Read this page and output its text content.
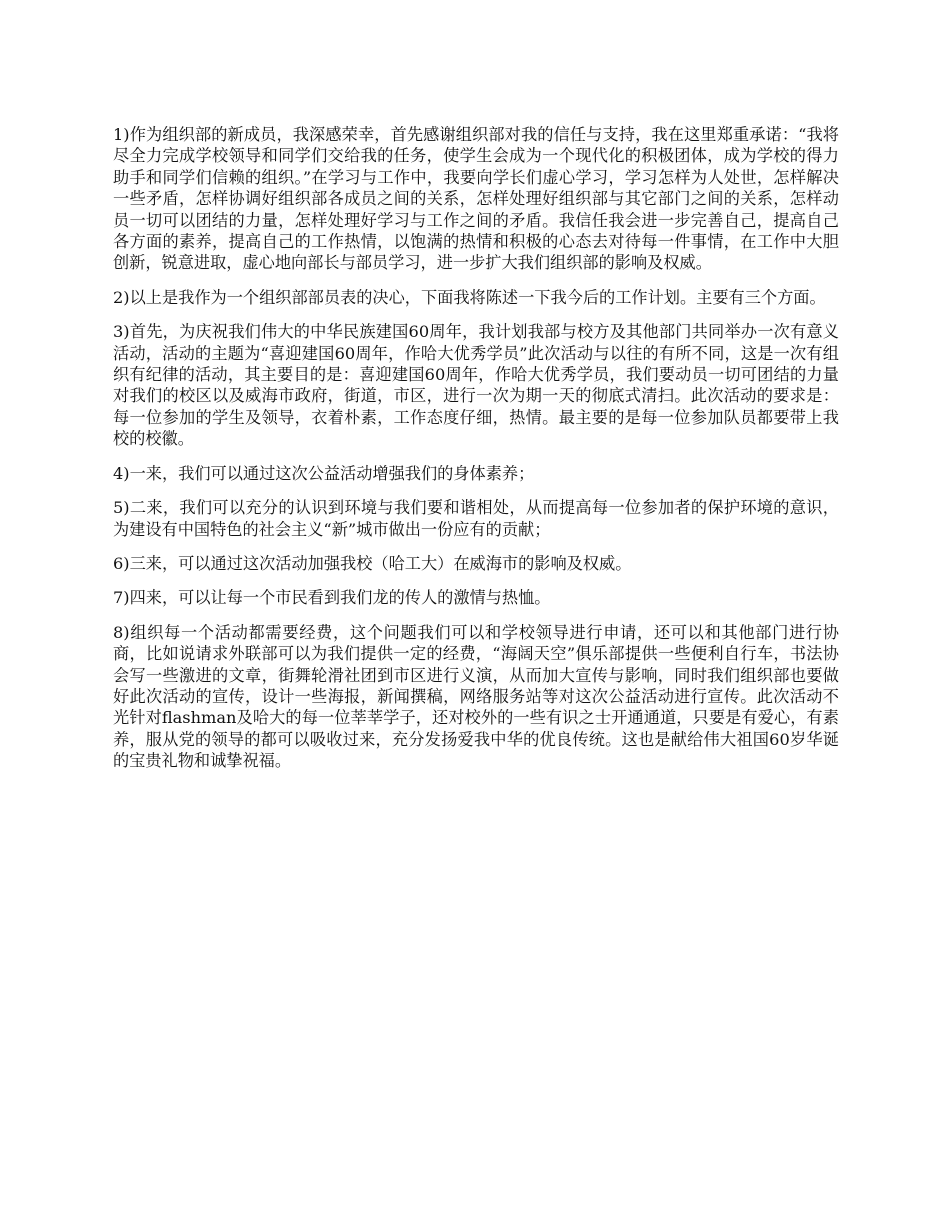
1)作为组织部的新成员，我深感荣幸，首先感谢组织部对我的信任与支持，我在这里郑重承诺：“我将尽全力完成学校领导和同学们交给我的任务，使学生会成为一个现代化的积极团体，成为学校的得力助手和同学们信赖的组织。”在学习与工作中，我要向学长们虚心学习，学习怎样为人处世，怎样解决一些矛盾，怎样协调好组织部各成员之间的关系，怎样处理好组织部与其它部门之间的关系，怎样动员一切可以团结的力量，怎样处理好学习与工作之间的矛盾。我信任我会进一步完善自己，提高自己各方面的素养，提高自己的工作热情，以饱满的热情和积极的心态去对待每一件事情，在工作中大胆创新，锐意进取，虚心地向部长与部员学习，进一步扩大我们组织部的影响及权威。

2)以上是我作为一个组织部部员表的决心，下面我将陈述一下我今后的工作计划。主要有三个方面。

3)首先，为庆祝我们伟大的中华民族建国60周年，我计划我部与校方及其他部门共同举办一次有意义活动，活动的主题为“喜迎建国60周年，作哈大优秀学员”此次活动与以往的有所不同，这是一次有组织有纪律的活动，其主要目的是：喜迎建国60周年，作哈大优秀学员，我们要动员一切可团结的力量对我们的校区以及威海市政府，街道，市区，进行一次为期一天的彻底式清扫。此次活动的要求是：每一位参加的学生及领导，衣着朴素，工作态度仔细，热情。最主要的是每一位参加队员都要带上我校的校徽。

4)一来，我们可以通过这次公益活动增强我们的身体素养；

5)二来，我们可以充分的认识到环境与我们要和谐相处，从而提高每一位参加者的保护环境的意识，为建设有中国特色的社会主义“新”城市做出一份应有的贡献；

6)三来，可以通过这次活动加强我校（哈工大）在威海市的影响及权威。

7)四来，可以让每一个市民看到我们龙的传人的激情与热恤。

8)组织每一个活动都需要经费，这个问题我们可以和学校领导进行申请，还可以和其他部门进行协商，比如说请求外联部可以为我们提供一定的经费，“海阔天空”俱乐部提供一些便利自行车，书法协会写一些激进的文章，街舞轮滑社团到市区进行义演，从而加大宣传与影响，同时我们组织部也要做好此次活动的宣传，设计一些海报，新闻撰稿，网络服务站等对这次公益活动进行宣传。此次活动不光针对flashman及哈大的每一位莘莘学子，还对校外的一些有识之士开通通道，只要是有爱心，有素养，服从党的领导的都可以吸收过来，充分发扬爱我中华的优良传统。这也是献给伟大祖国60岁华诞的宝贵礼物和诚挚祝福。
